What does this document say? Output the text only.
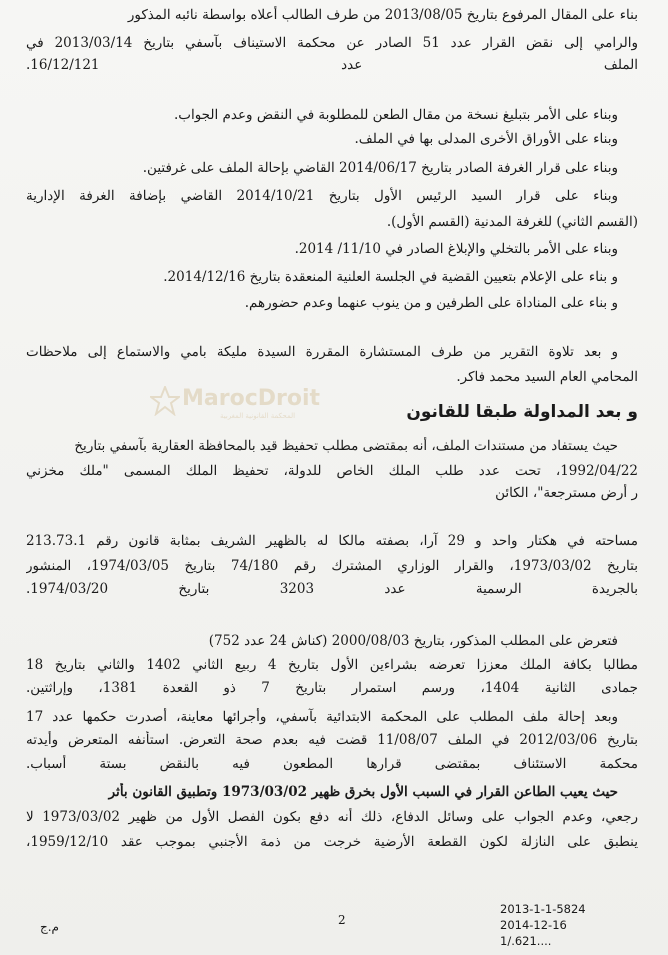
بناء على المقال المرفوع بتاريخ 2013/08/05 من طرف الطالب أعلاه بواسطة نائبه المذكور
والرامي إلى نقض القرار عدد 51 الصادر عن محكمة الاستيناف بآسفي بتاريخ 2013/03/14 في
الملف عدد 16/12/121.
وبناء على الأمر بتبليغ نسخة من مقال الطعن للمطلوبة في النقض وعدم الجواب.
وبناء على الأوراق الأخرى المدلى بها في الملف.
وبناء على قرار الغرفة الصادر بتاريخ 2014/06/17 القاضي بإحالة الملف على غرفتين.
وبناء على قرار السيد الرئيس الأول بتاريخ 2014/10/21 القاضي بإضافة الغرفة الإدارية
(القسم الثاني) للغرفة المدنية (القسم الأول).
وبناء على الأمر بالتخلي والإبلاغ الصادر في 11/10/ 2014.
و بناء على الإعلام بتعيين القضية في الجلسة العلنية المنعقدة بتاريخ 2014/12/16.
و بناء على المناداة على الطرفين و من ينوب عنهما وعدم حضورهم.
و بعد تلاوة التقرير من طرف المستشارة المقررة السيدة مليكة بامي والاستماع إلى ملاحظات
المحامي العام السيد محمد فاكر.
MarocDroit
المحكمة القانونية المغربية	و بعد المداولة طبقا للقانون
حيث يستفاد من مستندات الملف، أنه بمقتضى مطلب تحفيظ قيد بالمحافظة العقارية بآسفي بتاريخ
1992/04/22، تحت عدد طلب الملك الخاص للدولة، تحفيظ الملك المسمى "ملك مخزني
ر أرض مسترجعة"، الكائن
مساحته في هكتار واحد و 29 آرا، بصفته مالكا له بالظهير الشريف بمثابة قانون رقم 213.73.1
بتاريخ 1973/03/02، والقرار الوزاري المشترك رقم 74/180 بتاريخ 1974/03/05، المنشور
بالجريدة الرسمية عدد 3203 بتاريخ 1974/03/20.
فتعرض على المطلب المذكور، بتاريخ 2000/08/03 (كناش 24 عدد 752)
مطالبا بكافة الملك معززا تعرضه بشراءين الأول بتاريخ 4 ربيع الثاني 1402 والثاني بتاريخ 18
جمادى الثانية 1404، ورسم استمرار بتاريخ 7 ذو القعدة 1381، وإراثتين.
وبعد إحالة ملف المطلب على المحكمة الابتدائية بآسفي، وأجرائها معاينة، أصدرت حكمها عدد 17
بتاريخ 2012/03/06 في الملف 11/08/07 قضت فيه بعدم صحة التعرض. استأنفه المتعرض وأيدته
محكمة الاستئناف بمقتضى قرارها المطعون فيه بالنقض بستة أسباب.
حيث يعيب الطاعن القرار في السبب الأول بخرق ظهير 1973/03/02 وتطبيق القانون بأثر
رجعي، وعدم الجواب على وسائل الدفاع، ذلك أنه دفع بكون الفصل الأول من ظهير 1973/03/02 لا
ينطبق على النازلة لكون القطعة الأرضية خرجت من ذمة الأجنبي بموجب عقد 1959/12/10،
2
2013-1-1-5824
2014-12-16
1/.621....
م.ج
